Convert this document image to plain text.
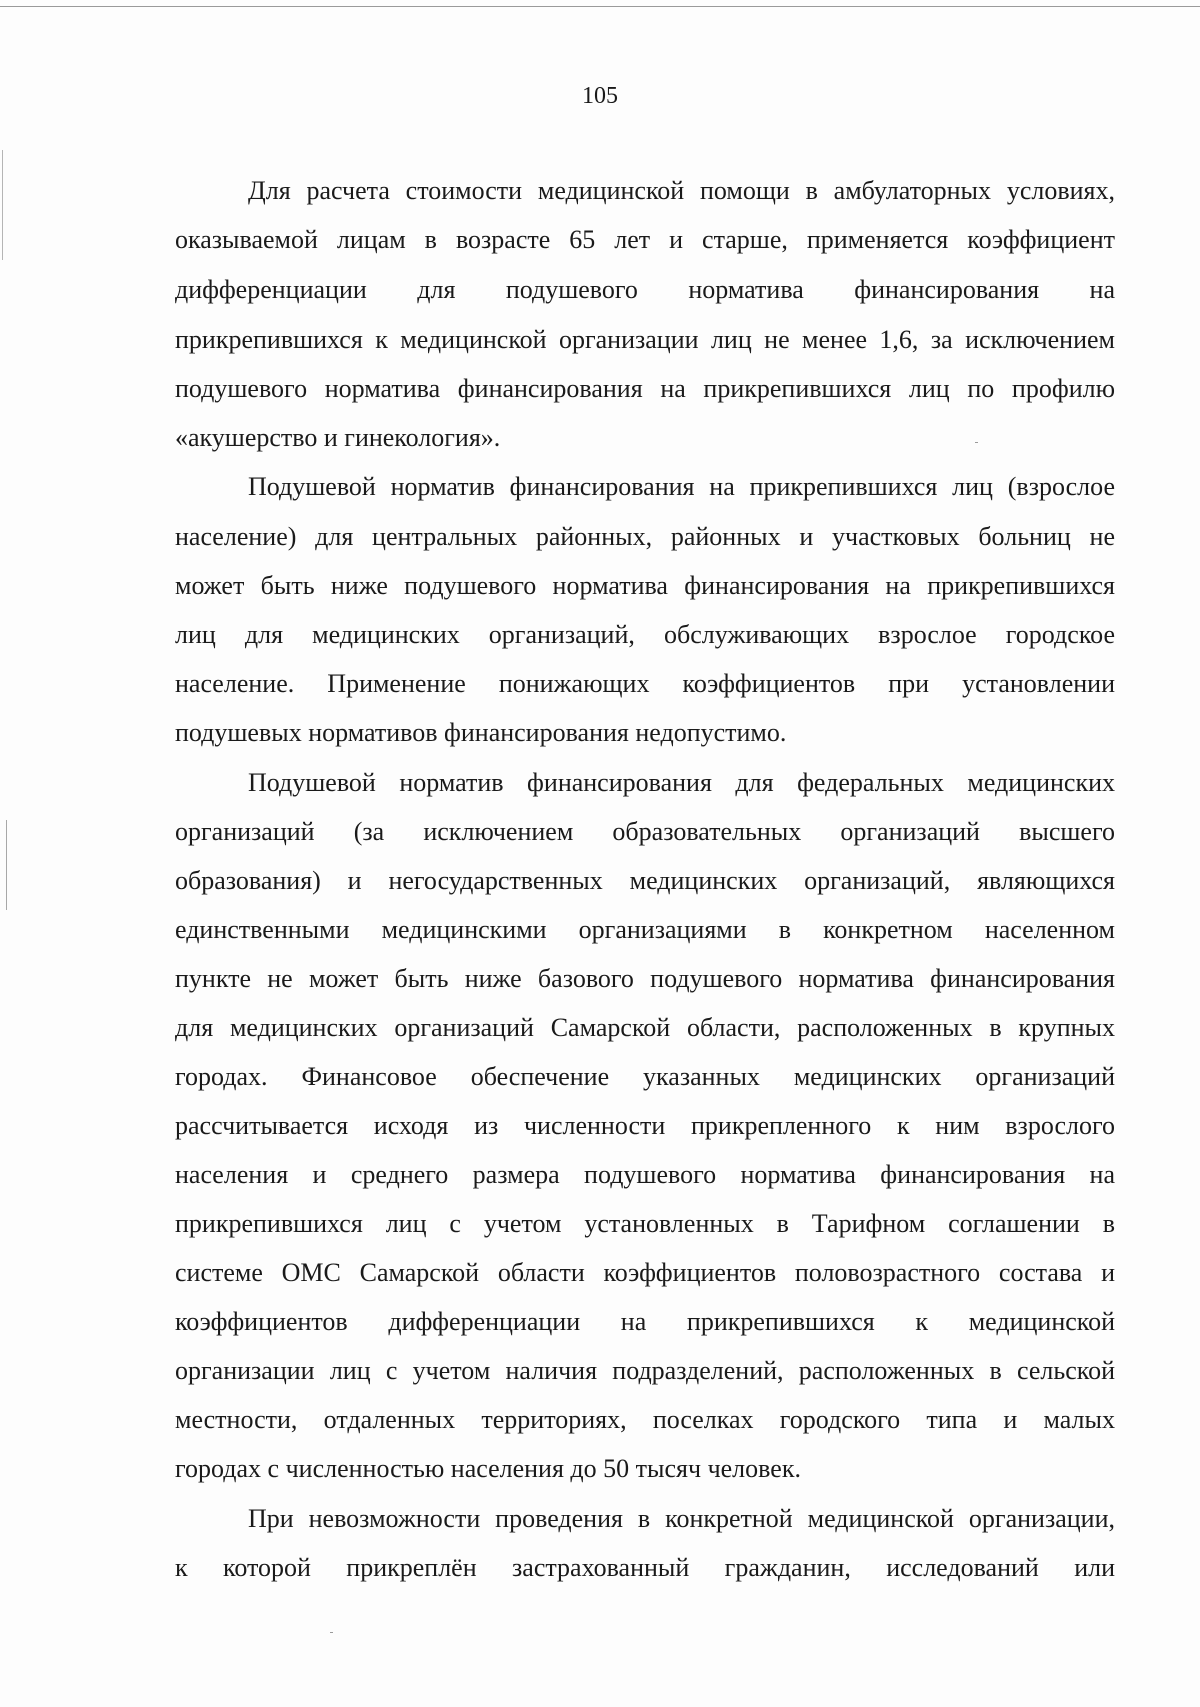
105
Для расчета стоимости медицинской помощи в амбулаторных условиях,
оказываемой лицам в возрасте 65 лет и старше, применяется коэффициент
дифференциации для подушевого норматива финансирования на
прикрепившихся к медицинской организации лиц не менее 1,6, за исключением
подушевого норматива финансирования на прикрепившихся лиц по профилю
«акушерство и гинекология».
Подушевой норматив финансирования на прикрепившихся лиц (взрослое
население) для центральных районных, районных и участковых больниц не
может быть ниже подушевого норматива финансирования на прикрепившихся
лиц для медицинских организаций, обслуживающих взрослое городское
население. Применение понижающих коэффициентов при установлении
подушевых нормативов финансирования недопустимо.
Подушевой норматив финансирования для федеральных медицинских
организаций (за исключением образовательных организаций высшего
образования) и негосударственных медицинских организаций, являющихся
единственными медицинскими организациями в конкретном населенном
пункте не может быть ниже базового подушевого норматива финансирования
для медицинских организаций Самарской области, расположенных в крупных
городах. Финансовое обеспечение указанных медицинских организаций
рассчитывается исходя из численности прикрепленного к ним взрослого
населения и среднего размера подушевого норматива финансирования на
прикрепившихся лиц с учетом установленных в Тарифном соглашении в
системе ОМС Самарской области коэффициентов половозрастного состава и
коэффициентов дифференциации на прикрепившихся к медицинской
организации лиц с учетом наличия подразделений, расположенных в сельской
местности, отдаленных территориях, поселках городского типа и малых
городах с численностью населения до 50 тысяч человек.
При невозможности проведения в конкретной медицинской организации,
к которой прикреплён застрахованный гражданин, исследований или
